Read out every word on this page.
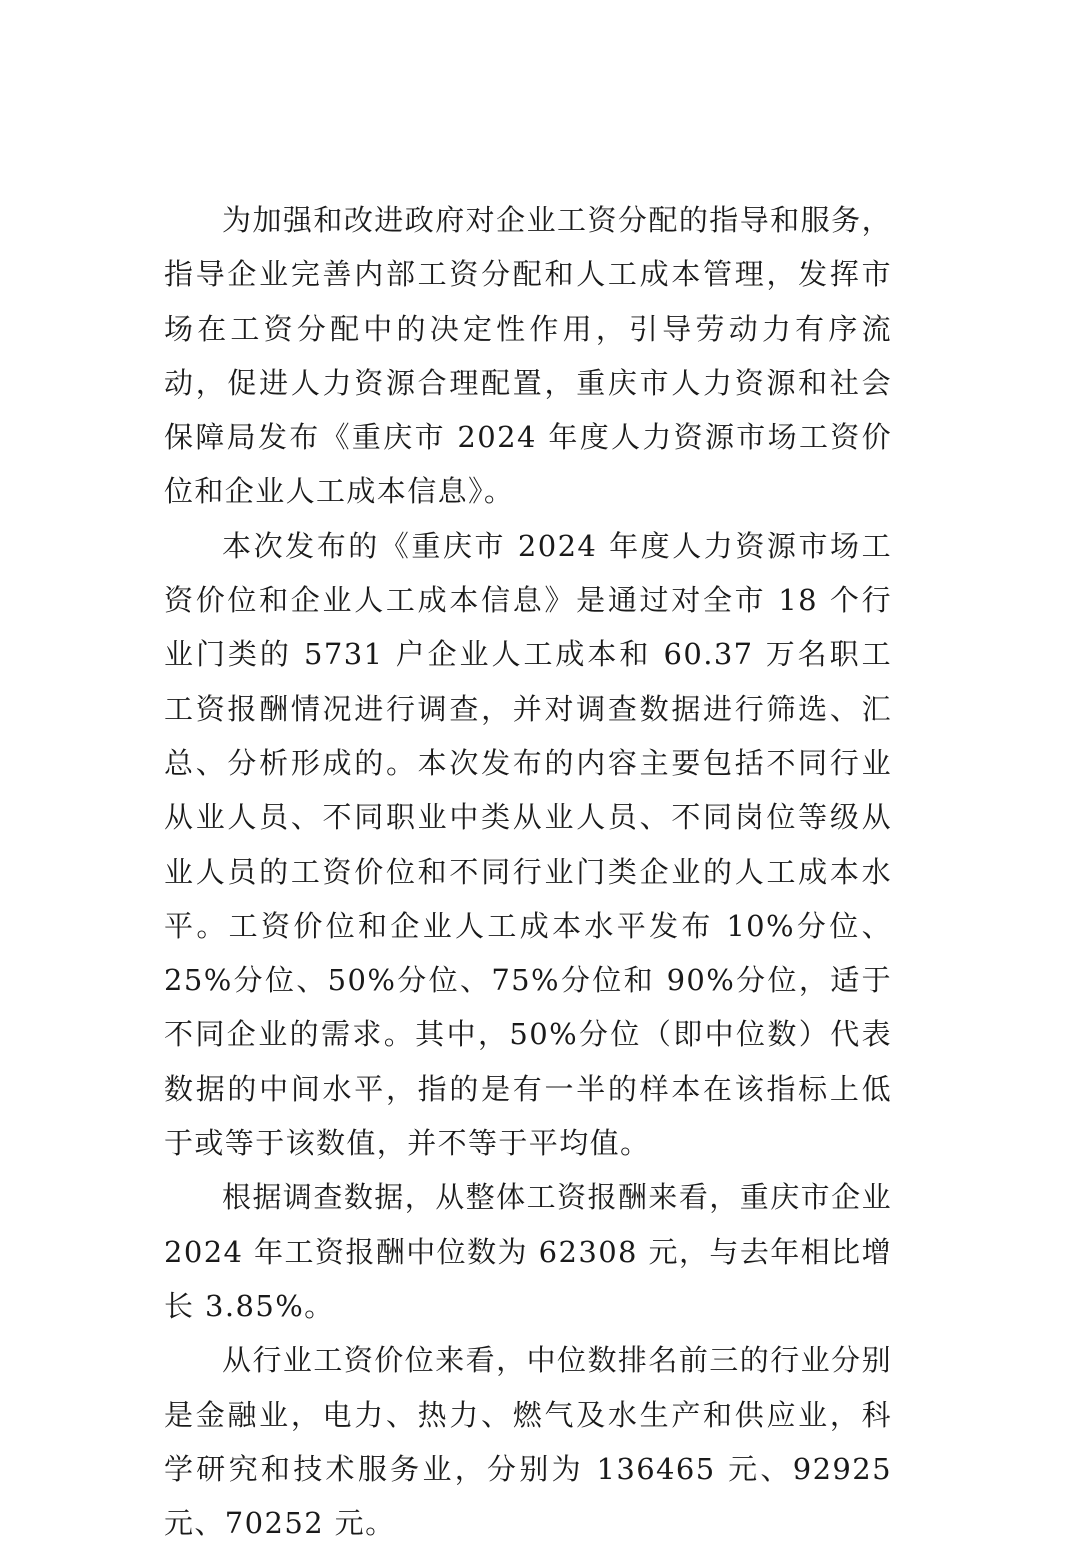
为加强和改进政府对企业工资分配的指导和服务，指导企业完善内部工资分配和人工成本管理，发挥市场在工资分配中的决定性作用，引导劳动力有序流动，促进人力资源合理配置，重庆市人力资源和社会保障局发布《重庆市 2024 年度人力资源市场工资价位和企业人工成本信息》。

本次发布的《重庆市 2024 年度人力资源市场工资价位和企业人工成本信息》是通过对全市 18 个行业门类的 5731 户企业人工成本和 60.37 万名职工工资报酬情况进行调查，并对调查数据进行筛选、汇总、分析形成的。本次发布的内容主要包括不同行业从业人员、不同职业中类从业人员、不同岗位等级从业人员的工资价位和不同行业门类企业的人工成本水平。工资价位和企业人工成本水平发布 10%分位、25%分位、50%分位、75%分位和 90%分位，适于不同企业的需求。其中，50%分位（即中位数）代表数据的中间水平，指的是有一半的样本在该指标上低于或等于该数值，并不等于平均值。

根据调查数据，从整体工资报酬来看，重庆市企业 2024 年工资报酬中位数为 62308 元，与去年相比增长 3.85%。

从行业工资价位来看，中位数排名前三的行业分别是金融业，电力、热力、燃气及水生产和供应业，科学研究和技术服务业，分别为 136465 元、92925 元、70252 元。
